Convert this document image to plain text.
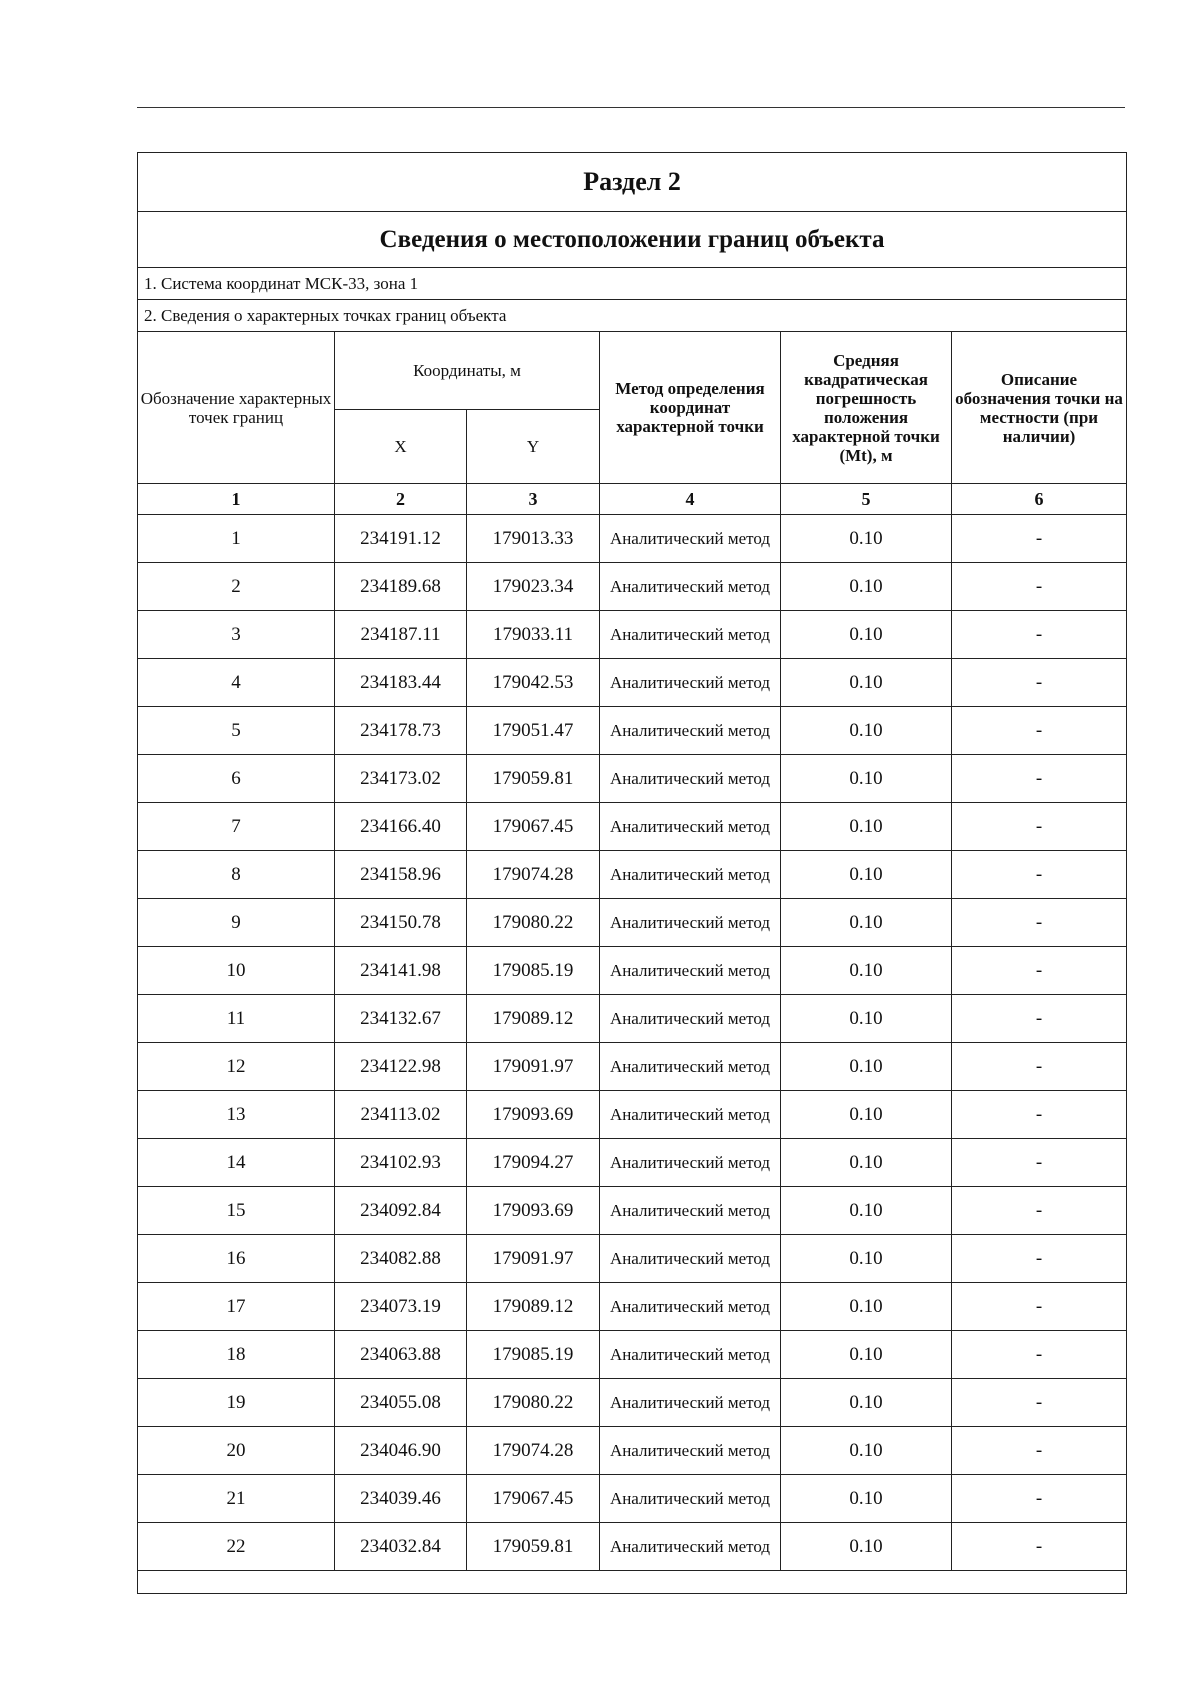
Раздел 2					
Сведения о местоположении границ объекта					
1. Система координат МСК-33, зона 1					
2. Сведения о характерных точках границ объекта					
Обозначение характерных точек границ	Координаты, м		Метод определения координат характерной точки	Средняя квадратическая погрешность положения характерной точки (Mt), м	Описание обозначения точки на местности (при наличии)
	X	Y			
1	2	3	4	5	6
1	234191.12	179013.33	Аналитический метод	0.10	-
2	234189.68	179023.34	Аналитический метод	0.10	-
3	234187.11	179033.11	Аналитический метод	0.10	-
4	234183.44	179042.53	Аналитический метод	0.10	-
5	234178.73	179051.47	Аналитический метод	0.10	-
6	234173.02	179059.81	Аналитический метод	0.10	-
7	234166.40	179067.45	Аналитический метод	0.10	-
8	234158.96	179074.28	Аналитический метод	0.10	-
9	234150.78	179080.22	Аналитический метод	0.10	-
10	234141.98	179085.19	Аналитический метод	0.10	-
11	234132.67	179089.12	Аналитический метод	0.10	-
12	234122.98	179091.97	Аналитический метод	0.10	-
13	234113.02	179093.69	Аналитический метод	0.10	-
14	234102.93	179094.27	Аналитический метод	0.10	-
15	234092.84	179093.69	Аналитический метод	0.10	-
16	234082.88	179091.97	Аналитический метод	0.10	-
17	234073.19	179089.12	Аналитический метод	0.10	-
18	234063.88	179085.19	Аналитический метод	0.10	-
19	234055.08	179080.22	Аналитический метод	0.10	-
20	234046.90	179074.28	Аналитический метод	0.10	-
21	234039.46	179067.45	Аналитический метод	0.10	-
22	234032.84	179059.81	Аналитический метод	0.10	-
